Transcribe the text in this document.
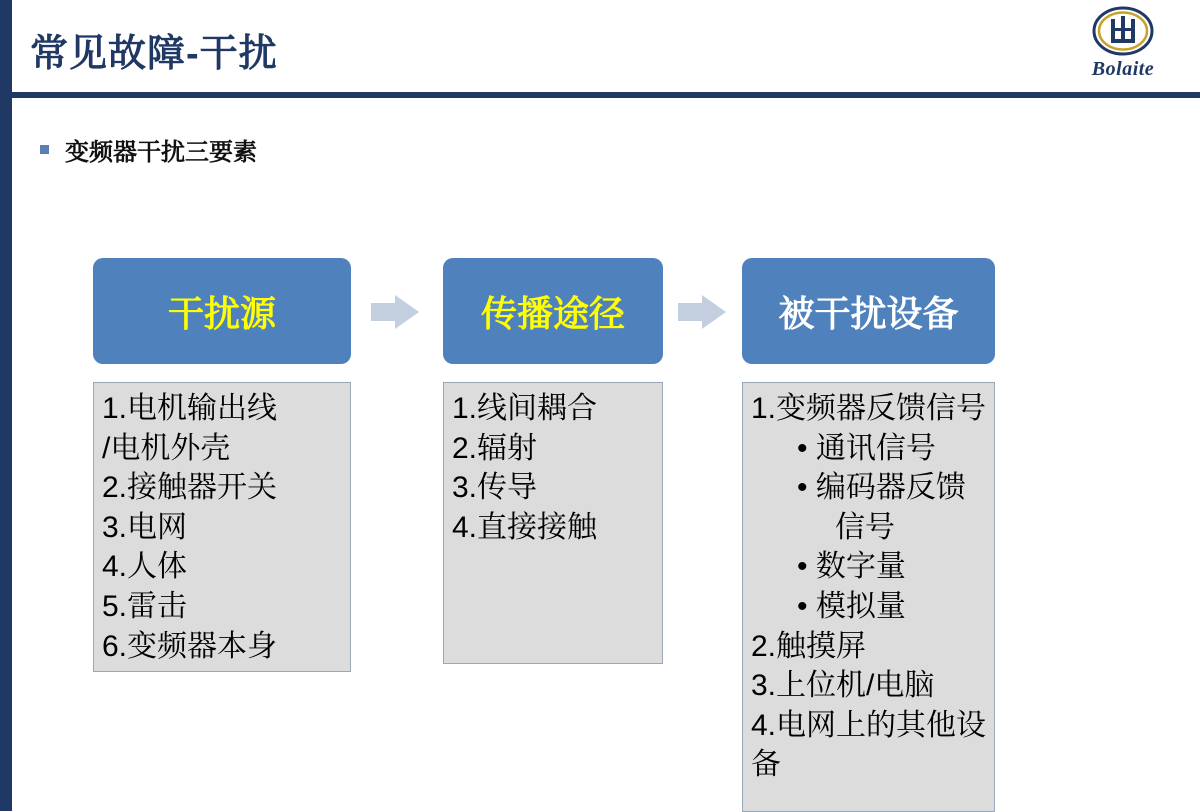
常见故障-干扰	Bolaite
变频器干扰三要素
干扰源
1.电机输出线
/电机外壳
2.接触器开关
3.电网
4.人体
5.雷击
6.变频器本身
传播途径
1.线间耦合
2.辐射
3.传导
4.直接接触
被干扰设备
1.变频器反馈信号
• 通讯信号
• 编码器反馈
信号
• 数字量
• 模拟量
2.触摸屏
3.上位机/电脑
4.电网上的其他设备
